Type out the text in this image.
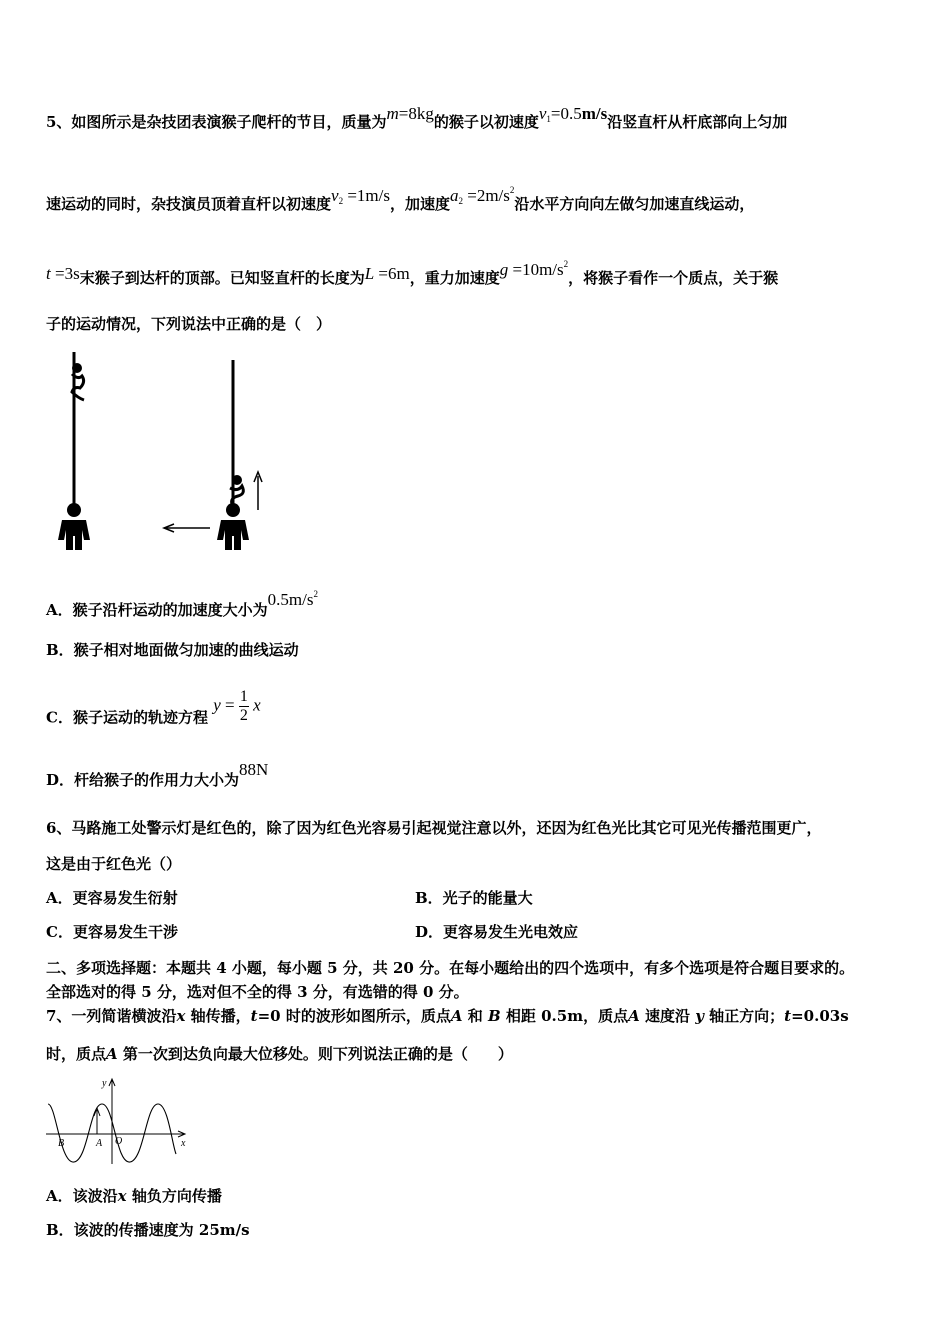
5、如图所示是杂技团表演猴子爬杆的节目，质量为m=8kg的猴子以初速度$v_1=0.5m/s$沿竖直杆从杆底部向上匀加
速运动的同时，杂技演员顶着直杆以初速度$v_2 =1m/s$，加速度$a_2 =2m/s^2$沿水平方向向左做匀加速直线运动，
t =3s末猴子到达杆的顶部。已知竖直杆的长度为L =6m，重力加速度$g =10m/s^2$，将猴子看作一个质点，关于猴
子的运动情况，下列说法中正确的是（　）
A．猴子沿杆运动的加速度大小为$0.5m/s^2$
B．猴子相对地面做匀加速的曲线运动
C．猴子运动的轨迹方程 $y = \frac{1}{2}$ x
D．杆给猴子的作用力大小为88N
6、马路施工处警示灯是红色的，除了因为红色光容易引起视觉注意以外，还因为红色光比其它可见光传播范围更广，
这是由于红色光（）
A．更容易发生衍射	B．光子的能量大
C．更容易发生干涉	D．更容易发生光电效应
二、多项选择题：本题共 4 小题，每小题 5 分，共 20 分。在每小题给出的四个选项中，有多个选项是符合题目要求的。
全部选对的得 5 分，选对但不全的得 3 分，有选错的得 0 分。
7、一列简谐横波沿x 轴传播，t=0 时的波形如图所示，质点A 和 B 相距 0.5m，质点A 速度沿 y 轴正方向；t=0.03s
时，质点A 第一次到达负向最大位移处。则下列说法正确的是（　　）
y
x
B	A O
A．该波沿x 轴负方向传播
B．该波的传播速度为 25m/s
